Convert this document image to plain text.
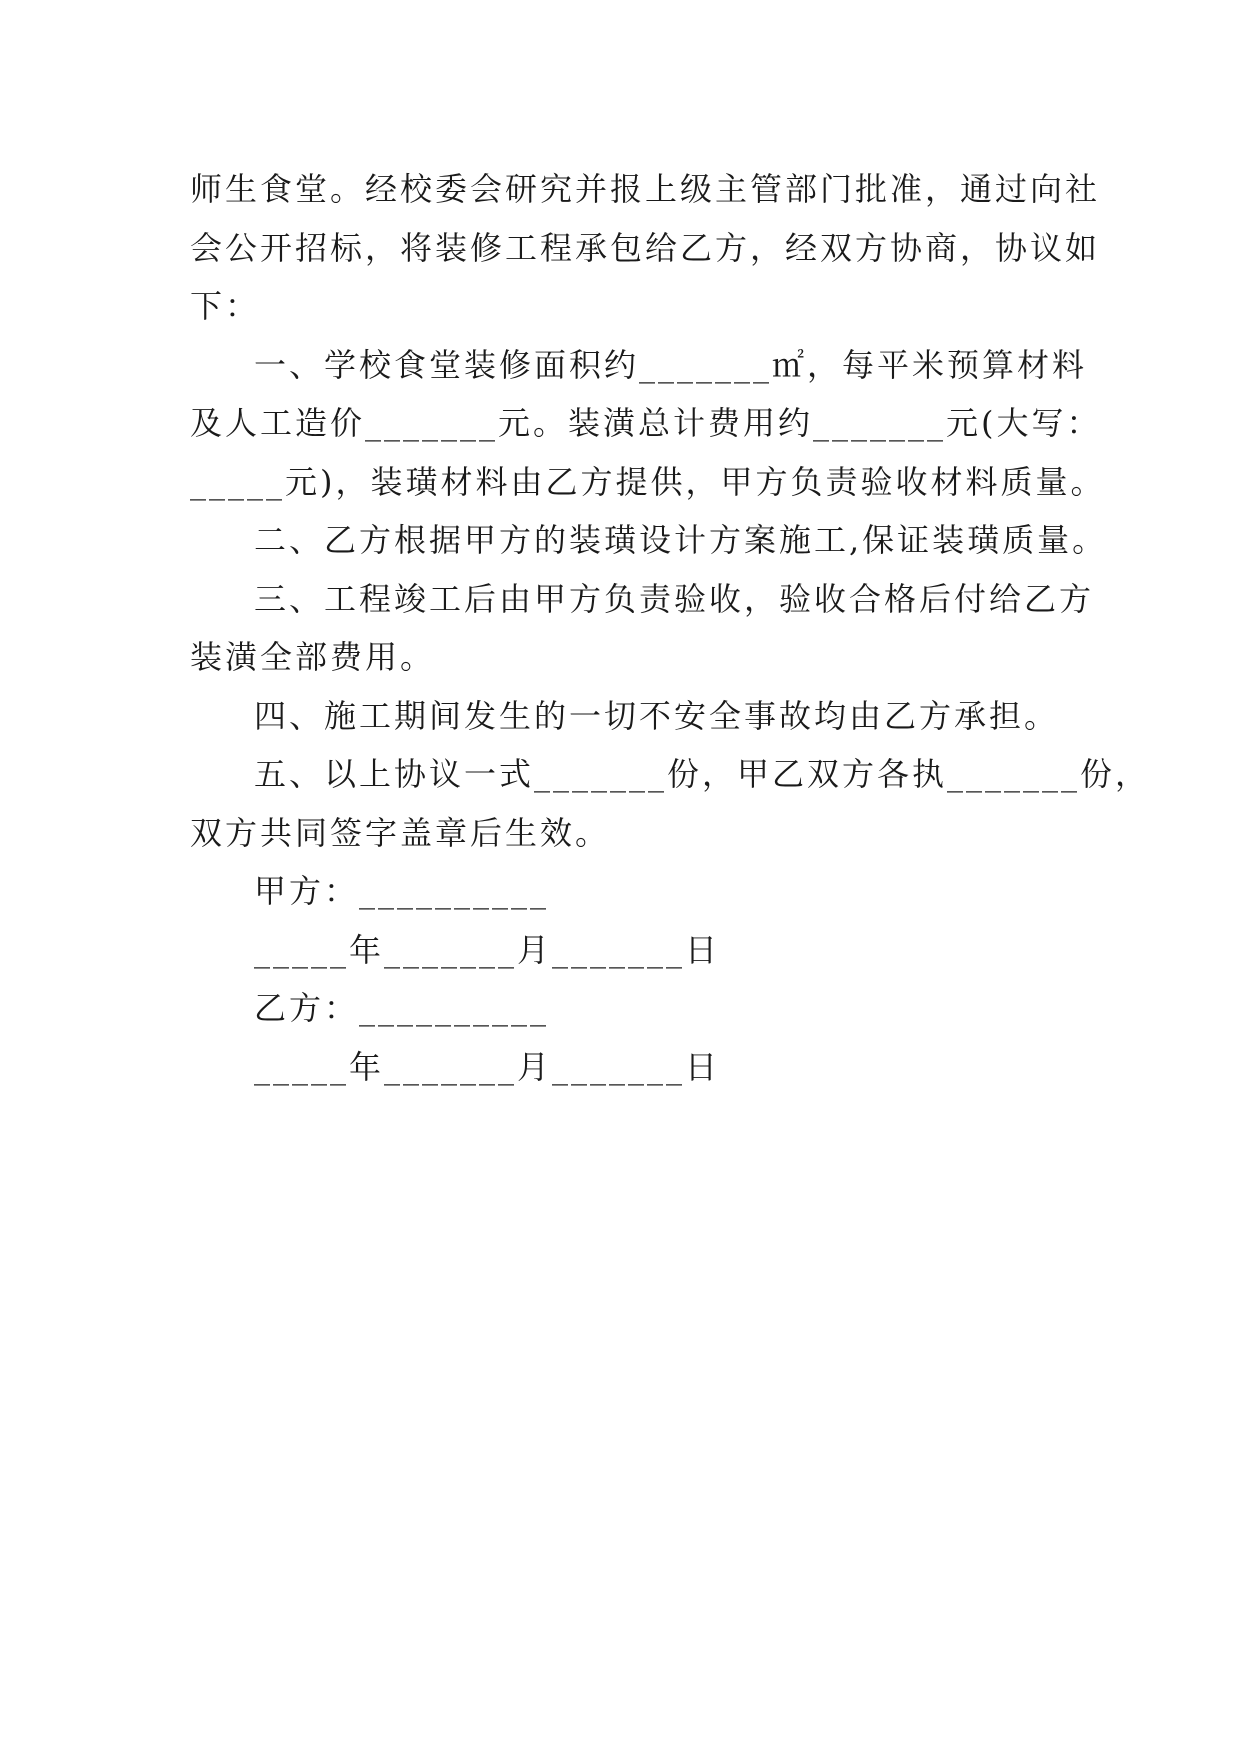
师生食堂。经校委会研究并报上级主管部门批准，通过向社
会公开招标，将装修工程承包给乙方，经双方协商，协议如
下：
一、学校食堂装修面积约_______㎡，每平米预算材料
及人工造价_______元。装潢总计费用约_______元(大写：
_____元)，装璜材料由乙方提供，甲方负责验收材料质量。
二、乙方根据甲方的装璜设计方案施工,保证装璜质量。
三、工程竣工后由甲方负责验收，验收合格后付给乙方
装潢全部费用。
四、施工期间发生的一切不安全事故均由乙方承担。
五、以上协议一式_______份，甲乙双方各执_______份，
双方共同签字盖章后生效。
甲方：__________
_____年_______月_______日
乙方：__________
_____年_______月_______日
